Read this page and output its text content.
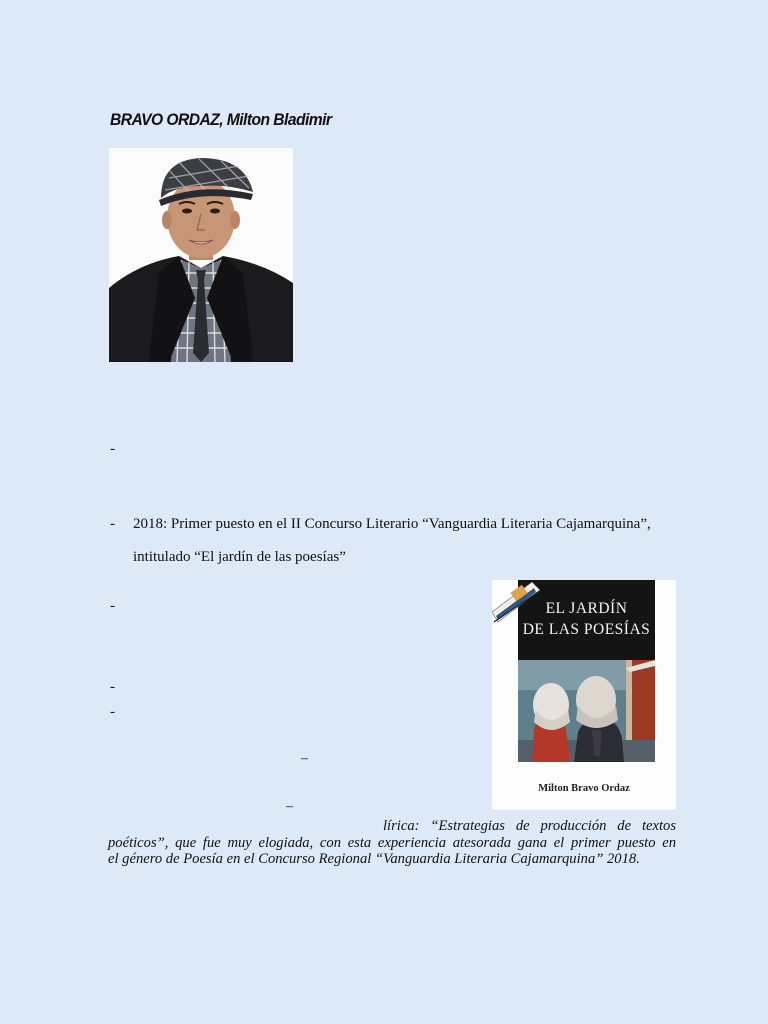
BRAVO ORDAZ, Milton Bladimir
-
- 2018: Primer puesto en el II Concurso Literario “Vanguardia Literaria Cajamarquina”,
intitulado “El jardín de las poesías”
-
-
-
–
–
EL JARDÍN
DE LAS POESÍAS
Milton Bravo Ordaz
lírica: “Estrategias de producción de textos
poéticos”, que fue muy elogiada, con esta experiencia atesorada gana el primer puesto en
el género de Poesía en el Concurso Regional “Vanguardia Literaria Cajamarquina” 2018.
